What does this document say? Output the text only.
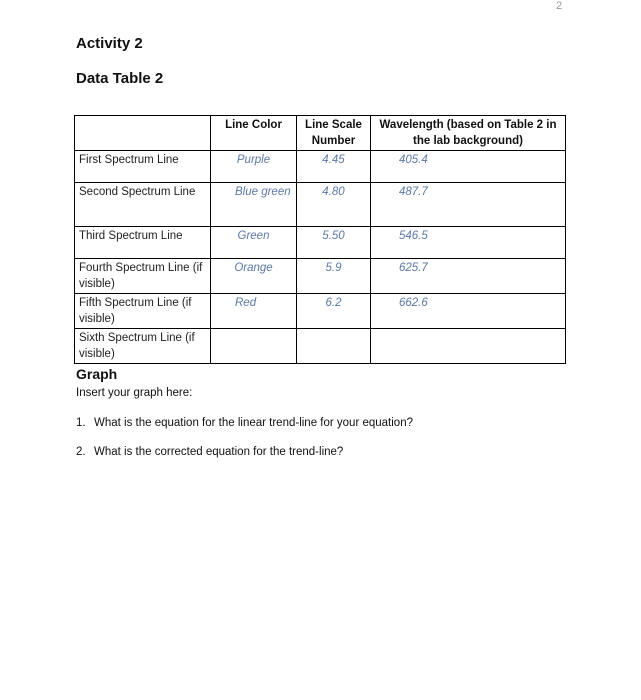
2
Activity 2
Data Table 2
	Line Color	Line Scale Number	Wavelength (based on Table 2 in the lab background)
First Spectrum Line	Purple	4.45	405.4
Second Spectrum Line	Blue green	4.80	487.7
Third Spectrum Line	Green	5.50	546.5
Fourth Spectrum Line (if visible)	Orange	5.9	625.7
Fifth Spectrum Line (if visible)	Red	6.2	662.6
Sixth Spectrum Line (if visible)			
Graph
Insert your graph here:
1. What is the equation for the linear trend-line for your equation?
2. What is the corrected equation for the trend-line?
